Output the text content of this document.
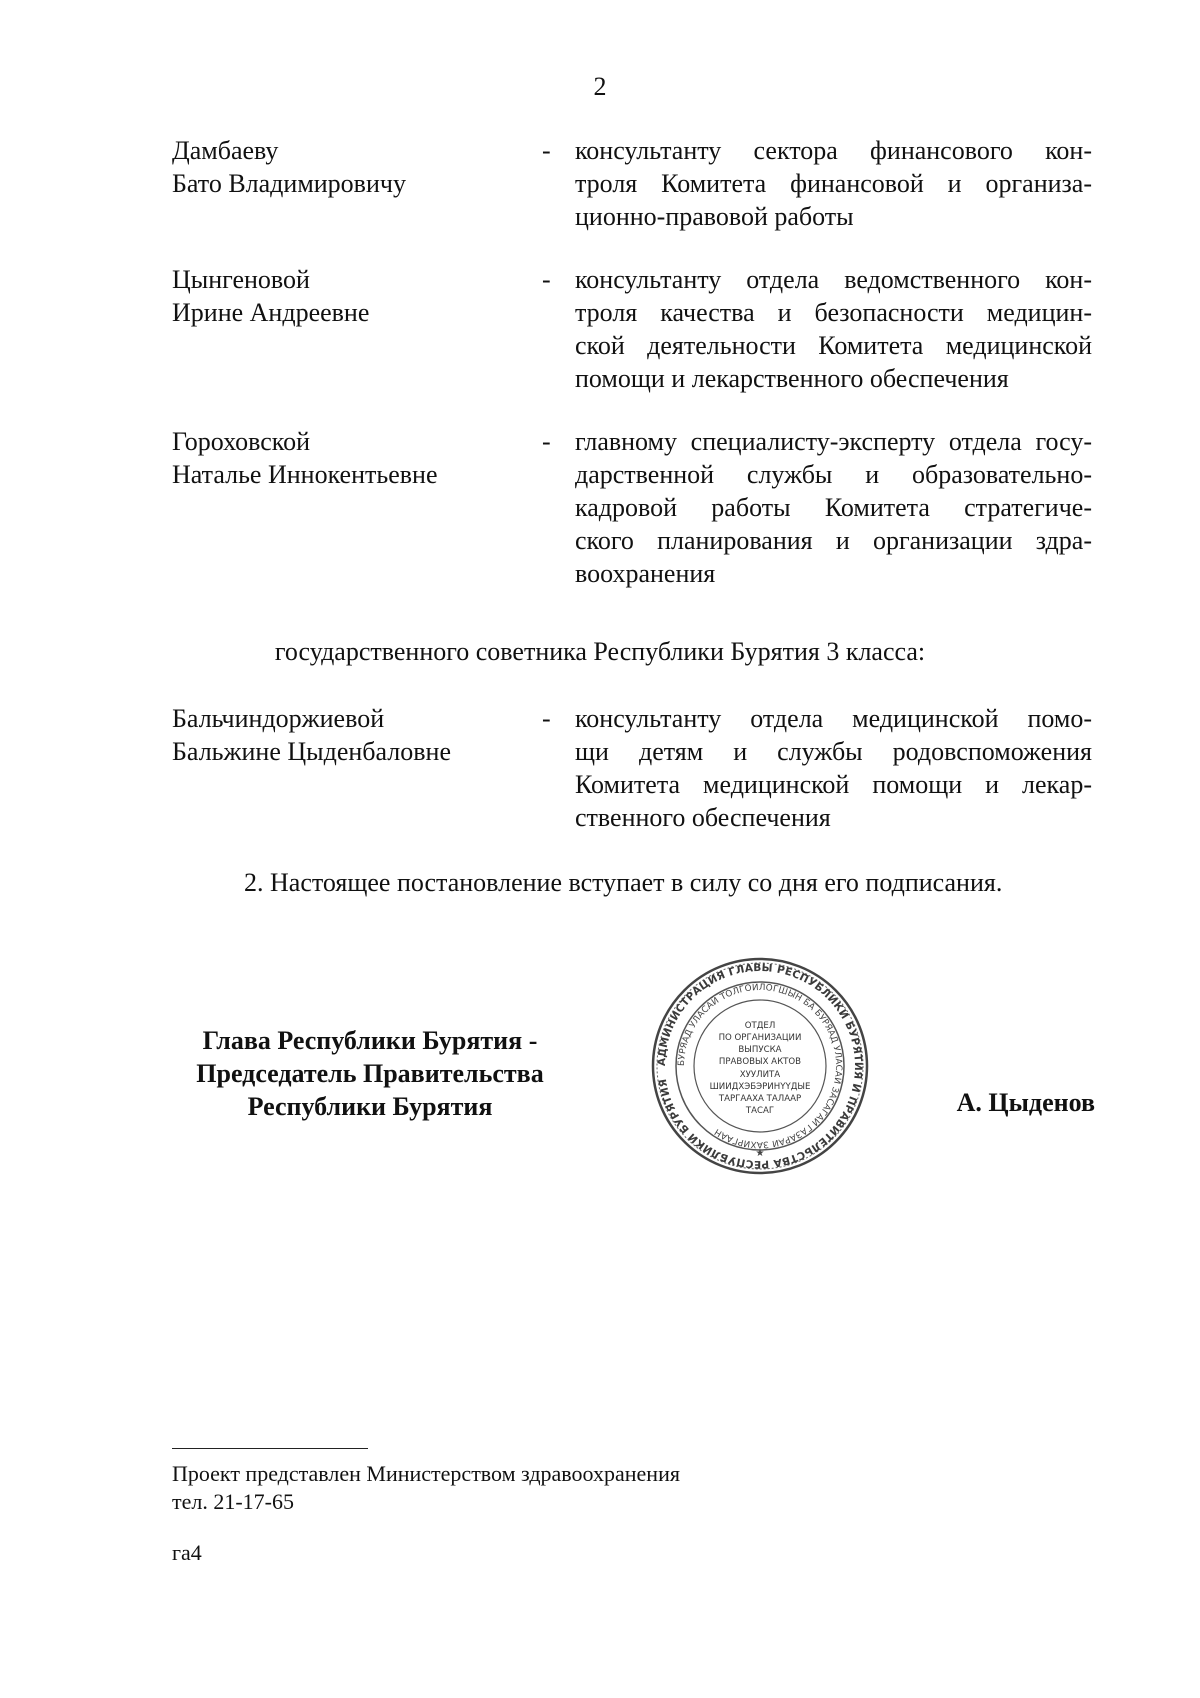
2
Дамбаеву
Бато Владимировичу
- консультанту сектора финансового кон-
троля Комитета финансовой и организа-
ционно-правовой работы
Цынгеновой
Ирине Андреевне
- консультанту отдела ведомственного кон-
троля качества и безопасности медицин-
ской деятельности Комитета медицинской
помощи и лекарственного обеспечения
Гороховской
Наталье Иннокентьевне
- главному специалисту-эксперту отдела госу-
дарственной службы и образовательно-
кадровой работы Комитета стратегиче-
ского планирования и организации здра-
воохранения
государственного советника Республики Бурятия 3 класса:
Бальчиндоржиевой
Бальжине Цыденбаловне
- консультанту отдела медицинской помо-
щи детям и службы родовспоможения
Комитета медицинской помощи и лекар-
ственного обеспечения
2. Настоящее постановление вступает в силу со дня его подписания.
Глава Республики Бурятия -
Председатель Правительства
Республики Бурятия
АДМИНИСТРАЦИЯ ГЛАВЫ РЕСПУБЛИКИ БУРЯТИЯ И ПРАВИТЕЛЬСТВА РЕСПУБЛИКИ БУРЯТИЯ
БУРЯАД УЛАСАЙ ТОЛГОЙЛОГШЫН БА БУРЯАД УЛАСАЙ ЗАСАГАЙ ГАЗАРАЙ ЗАХИРГААН
ОТДЕЛ
ПО ОРГАНИЗАЦИИ
ВЫПУСКА
ПРАВОВЫХ АКТОВ
ХУУЛИТА
ШИИДХЭБЭРИНҮҮДЫЕ
ТАРГААХА ТАЛААР
ТАСАГ
★
А. Цыденов
Проект представлен Министерством здравоохранения
тел. 21-17-65
га4
